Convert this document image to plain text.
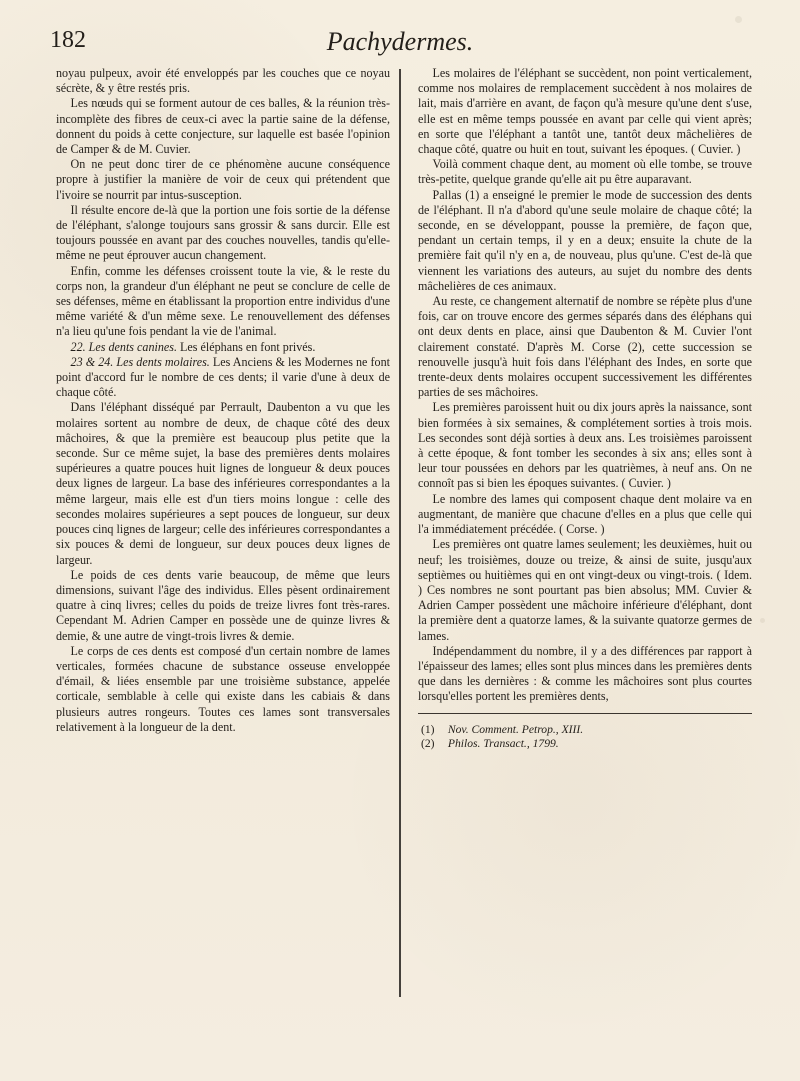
182	Pachydermes.

noyau pulpeux, avoir été enveloppés par les couches que ce noyau sécrète, & y être restés pris.

Les nœuds qui se forment autour de ces balles, & la réunion très-incomplète des fibres de ceux-ci avec la partie saine de la défense, donnent du poids à cette conjecture, sur laquelle est basée l'opinion de Camper & de M. Cuvier.

On ne peut donc tirer de ce phénomène aucune conséquence propre à justifier la manière de voir de ceux qui prétendent que l'ivoire se nourrit par intus-susception.

Il résulte encore de-là que la portion une fois sortie de la défense de l'éléphant, s'alonge toujours sans grossir & sans durcir. Elle est toujours poussée en avant par des couches nouvelles, tandis qu'elle-même ne peut éprouver aucun changement.

Enfin, comme les défenses croissent toute la vie, & le reste du corps non, la grandeur d'un éléphant ne peut se conclure de celle de ses défenses, même en établissant la proportion entre individus d'une même variété & d'un même sexe. Le renouvellement des défenses n'a lieu qu'une fois pendant la vie de l'animal.

22. Les dents canines. Les éléphans en font privés.

23 & 24. Les dents molaires. Les Anciens & les Modernes ne font point d'accord fur le nombre de ces dents; il varie d'une à deux de chaque côté.

Dans l'éléphant disséqué par Perrault, Daubenton a vu que les molaires sortent au nombre de deux, de chaque côté des deux mâchoires, & que la première est beaucoup plus petite que la seconde. Sur ce même sujet, la base des premières dents molaires supérieures a quatre pouces huit lignes de longueur & deux pouces deux lignes de largeur. La base des inférieures correspondantes a la même largeur, mais elle est d'un tiers moins longue : celle des secondes molaires supérieures a sept pouces de longueur, sur deux pouces cinq lignes de largeur; celle des inférieures correspondantes a six pouces & demi de longueur, sur deux pouces deux lignes de largeur.

Le poids de ces dents varie beaucoup, de même que leurs dimensions, suivant l'âge des individus. Elles pèsent ordinairement quatre à cinq livres; celles du poids de treize livres font très-rares. Cependant M. Adrien Camper en possède une de quinze livres & demie, & une autre de vingt-trois livres & demie.

Le corps de ces dents est composé d'un certain nombre de lames verticales, formées chacune de substance osseuse enveloppée d'émail, & liées ensemble par une troisième substance, appelée corticale, semblable à celle qui existe dans les cabiais & dans plusieurs autres rongeurs. Toutes ces lames sont transversales relativement à la longueur de la dent.

Les molaires de l'éléphant se succèdent, non point verticalement, comme nos molaires de remplacement succèdent à nos molaires de lait, mais d'arrière en avant, de façon qu'à mesure qu'une dent s'use, elle est en même temps poussée en avant par celle qui vient après; en sorte que l'éléphant a tantôt une, tantôt deux mâchelières de chaque côté, quatre ou huit en tout, suivant les époques. ( Cuvier. )

Voilà comment chaque dent, au moment où elle tombe, se trouve très-petite, quelque grande qu'elle ait pu être auparavant.

Pallas (1) a enseigné le premier le mode de succession des dents de l'éléphant. Il n'a d'abord qu'une seule molaire de chaque côté; la seconde, en se développant, pousse la première, de façon que, pendant un certain temps, il y en a deux; ensuite la chute de la première fait qu'il n'y en a, de nouveau, plus qu'une. C'est de-là que viennent les variations des auteurs, au sujet du nombre des dents mâchelières de ces animaux.

Au reste, ce changement alternatif de nombre se répète plus d'une fois, car on trouve encore des germes séparés dans des éléphans qui ont deux dents en place, ainsi que Daubenton & M. Cuvier l'ont clairement constaté. D'après M. Corse (2), cette succession se renouvelle jusqu'à huit fois dans l'éléphant des Indes, en sorte que trente-deux dents molaires occupent successivement les différentes parties de ses mâchoires.

Les premières paroissent huit ou dix jours après la naissance, sont bien formées à six semaines, & complétement sorties à trois mois. Les secondes sont déjà sorties à deux ans. Les troisièmes paroissent à cette époque, & font tomber les secondes à six ans; elles sont à leur tour poussées en dehors par les quatrièmes, à neuf ans. On ne connoît pas si bien les époques suivantes. ( Cuvier. )

Le nombre des lames qui composent chaque dent molaire va en augmentant, de manière que chacune d'elles en a plus que celle qui l'a immédiatement précédée. ( Corse. )

Les premières ont quatre lames seulement; les deuxièmes, huit ou neuf; les troisièmes, douze ou treize, & ainsi de suite, jusqu'aux septièmes ou huitièmes qui en ont vingt-deux ou vingt-trois. ( Idem. ) Ces nombres ne sont pourtant pas bien absolus; MM. Cuvier & Adrien Camper possèdent une mâchoire inférieure d'éléphant, dont la première dent a quatorze lames, & la suivante quatorze germes de lames.

Indépendamment du nombre, il y a des différences par rapport à l'épaisseur des lames; elles sont plus minces dans les premières dents que dans les dernières : & comme les mâchoires sont plus courtes lorsqu'elles portent les premières dents,

(1) Nov. Comment. Petrop., XIII.

(2) Philos. Transact., 1799.
